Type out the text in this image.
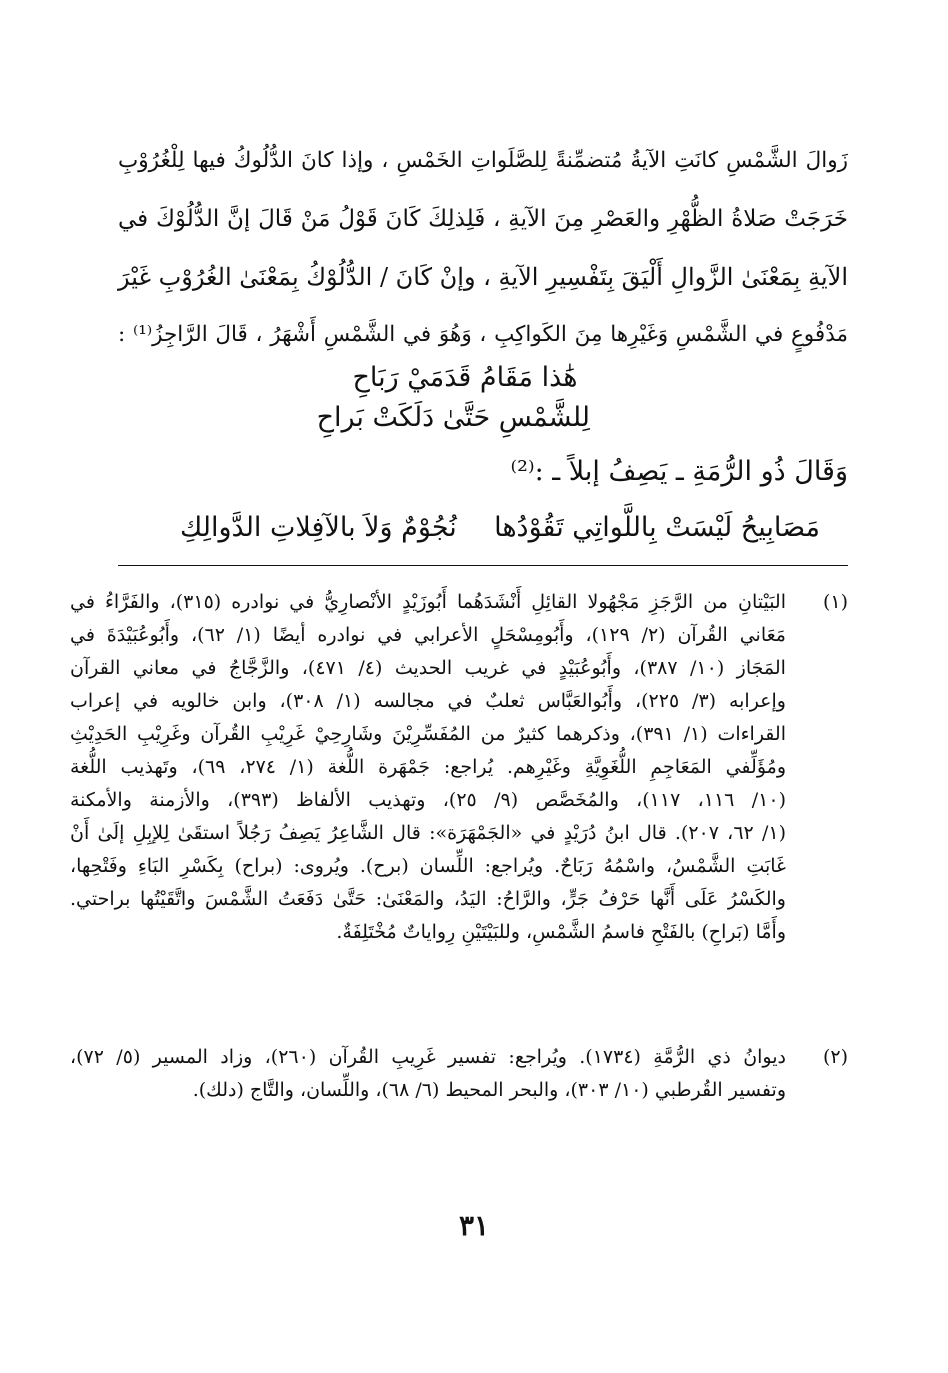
زَوالَ الشَّمْسِ كانَتِ الآيةُ مُتضمِّنةً لِلصَّلَواتِ الخَمْسِ ، وإذا كانَ الدُّلُوكُ فيها لِلْغُرُوْبِ
خَرَجَتْ صَلاةُ الظُّهْرِ والعَصْرِ مِنَ الآيةِ ، فَلِذلِكَ كَانَ قَوْلُ مَنْ قَالَ إنَّ الدُّلُوْكَ في
الآيةِ بِمَعْنَىٰ الزَّوالِ أَلْيَقَ بِتَفْسِيرِ الآيةِ ، وإنْ كَانَ / الدُّلُوْكُ بِمَعْنَىٰ الغُرُوْبِ غَيْرَ
مَدْفُوعٍ في الشَّمْسِ وَغَيْرِها مِنَ الكَواكِبِ ، وَهُوَ في الشَّمْسِ أَشْهَرُ ، قَالَ الرَّاجِزُ⁽¹⁾ :
هَٰذا مَقَامُ قَدَمَيْ رَبَاحِ
لِلشَّمْسِ حَتَّىٰ دَلَكَتْ بَراحِ
وَقَالَ ذُو الرُّمَةِ ـ يَصِفُ إبلاً ـ :⁽²⁾
مَصَابِيحُ لَيْسَتْ بِاللَّواتِي تَقُوْدُها
نُجُوْمٌ وَلاَ بالآفِلاتِ الدَّوالِكِ
(١)
البَيْتانِ من الرَّجَزِ مَجْهُولا القائِلِ أَنْشَدَهُما أَبُوزَيْدٍ الأنْصارِيُّ في نوادره (٣١٥)، والفَرَّاءُ في
مَعَاني القُرآن (٢/ ١٢٩)، وأَبُومِسْحَلٍ الأعرابي في نوادره أيضًا (١/ ٦٢)، وأَبُوعُبَيْدَةَ في
المَجَاز (١٠/ ٣٨٧)، وأَبُوعُبَيْدٍ في غريب الحديث (٤/ ٤٧١)، والزَّجَّاجُ في معاني القرآن
وإعرابه (٣/ ٢٢٥)، وأَبُوالعَبَّاس ثعلبٌ في مجالسه (١/ ٣٠٨)، وابن خالويه في إعراب
القراءات (١/ ٣٩١)، وذكرهما كثيرٌ من المُفَسِّرِيْنَ وشَارِحِيْ غَرِيْبِ القُرآن وغَرِيْبِ الحَدِيْثِ
ومُؤَلِّفي المَعَاجِمِ اللُّغَوِيَّةِ وغَيْرِهم. يُراجع: جَمْهَرة اللُّغة (١/ ٢٧٤، ٦٩)، وتَهذيب اللُّغة
(١٠/ ١١٦، ١١٧)، والمُخَصَّص (٩/ ٢٥)، وتهذيب الألفاظ (٣٩٣)، والأزمنة والأمكنة
(١/ ٦٢، ٢٠٧). قال ابنُ دُرَيْدٍ في «الجَمْهَرَة»: قال الشَّاعِرُ يَصِفُ رَجُلاً استقَىٰ لِلإبِلِ إلَىٰ أَنْ
غَابَتِ الشَّمْسُ، واسْمُهُ رَبَاحٌ. ويُراجع: اللِّسان (برح). ويُروى: (براح) بِكَسْرِ البَاءِ وفَتْحِها،
والكَسْرُ عَلَى أَنَّها حَرْفُ جَرٍّ، والرَّاحُ: اليَدُ، والمَعْنَىٰ: حَتَّىٰ دَفَعَتُ الشَّمْسَ واتَّقَيْتُها براحتي.
وأَمَّا (بَراحِ) بالفَتْحِ فاسمُ الشَّمْسِ، وللبَيْتَيْنِ رِواياتٌ مُخْتَلِفَةٌ.
(٢)
ديوانُ ذي الرُّمَّةِ (١٧٣٤). ويُراجع: تفسير غَرِيبِ القُرآن (٢٦٠)، وزاد المسير (٥/ ٧٢)،
وتفسير القُرطبي (١٠/ ٣٠٣)، والبحر المحيط (٦/ ٦٨)، واللِّسان، والتَّاج (دلك).
٣١
